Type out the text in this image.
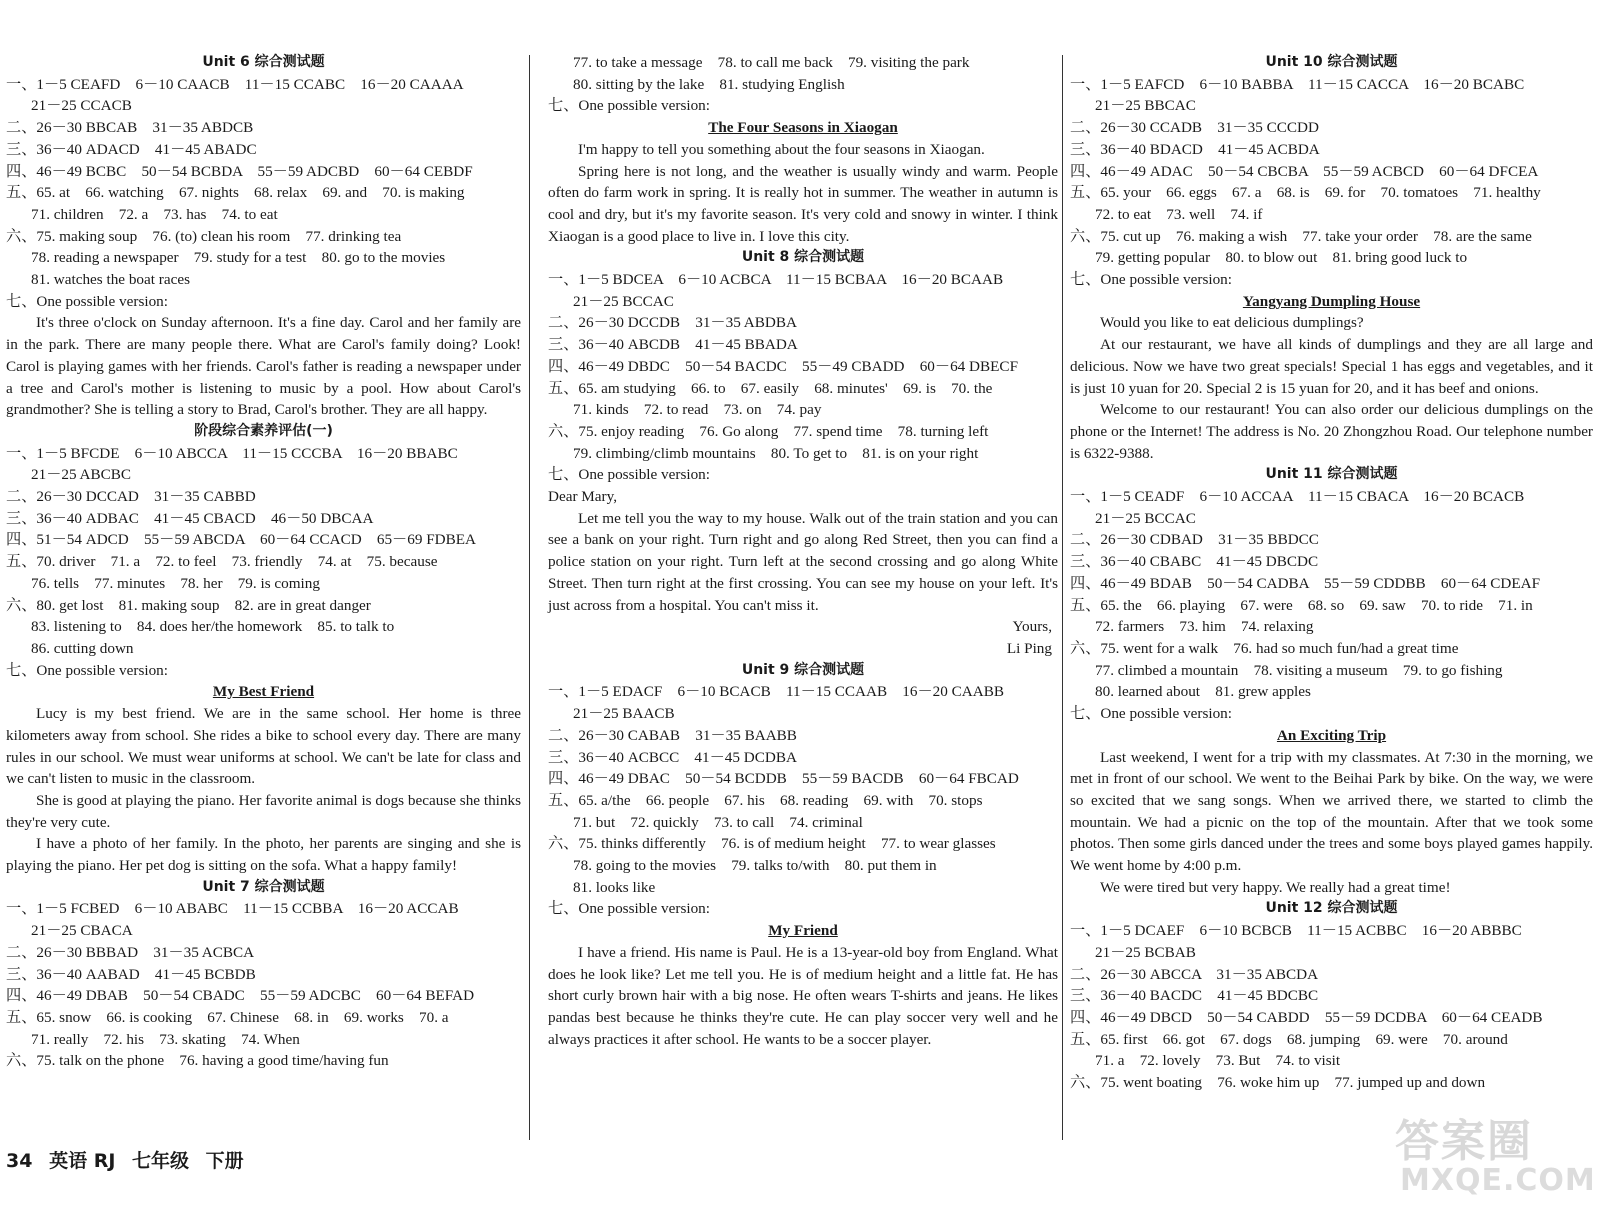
Unit 6 综合测试题
一、1－5 CEAFD　6－10 CAACB　11－15 CCABC　16－20 CAAAA
21－25 CCACB
二、26－30 BBCAB　31－35 ABDCB
三、36－40 ADACD　41－45 ABADC
四、46－49 BCBC　50－54 BCBDA　55－59 ADCBD　60－64 CEBDF
五、65. at　66. watching　67. nights　68. relax　69. and　70. is making
71. children　72. a　73. has　74. to eat
六、75. making soup　76. (to) clean his room　77. drinking tea
78. reading a newspaper　79. study for a test　80. go to the movies
81. watches the boat races
七、One possible version:
It's three o'clock on Sunday afternoon. It's a fine day. Carol and her family are in the park. There are many people there. What are Carol's family doing? Look! Carol is playing games with her friends. Carol's father is reading a newspaper under a tree and Carol's mother is listening to music by a pool. How about Carol's grandmother? She is telling a story to Brad, Carol's brother. They are all happy.
阶段综合素养评估(一)
一、1－5 BFCDE　6－10 ABCCA　11－15 CCCBA　16－20 BBABC
21－25 ABCBC
二、26－30 DCCAD　31－35 CABBD
三、36－40 ADBAC　41－45 CBACD　46－50 DBCAA
四、51－54 ADCD　55－59 ABCDA　60－64 CCACD　65－69 FDBEA
五、70. driver　71. a　72. to feel　73. friendly　74. at　75. because
76. tells　77. minutes　78. her　79. is coming
六、80. get lost　81. making soup　82. are in great danger
83. listening to　84. does her/the homework　85. to talk to
86. cutting down
七、One possible version:
My Best Friend
Lucy is my best friend. We are in the same school. Her home is three kilometers away from school. She rides a bike to school every day. There are many rules in our school. We must wear uniforms at school. We can't be late for class and we can't listen to music in the classroom.
She is good at playing the piano. Her favorite animal is dogs because she thinks they're very cute.
I have a photo of her family. In the photo, her parents are singing and she is playing the piano. Her pet dog is sitting on the sofa. What a happy family!
Unit 7 综合测试题
一、1－5 FCBED　6－10 ABABC　11－15 CCBBA　16－20 ACCAB
21－25 CBACA
二、26－30 BBBAD　31－35 ACBCA
三、36－40 AABAD　41－45 BCBDB
四、46－49 DBAB　50－54 CBADC　55－59 ADCBC　60－64 BEFAD
五、65. snow　66. is cooking　67. Chinese　68. in　69. works　70. a
71. really　72. his　73. skating　74. When
六、75. talk on the phone　76. having a good time/having fun
77. to take a message　78. to call me back　79. visiting the park
80. sitting by the lake　81. studying English
七、One possible version:
The Four Seasons in Xiaogan
I'm happy to tell you something about the four seasons in Xiaogan.
Spring here is not long, and the weather is usually windy and warm. People often do farm work in spring. It is really hot in summer. The weather in autumn is cool and dry, but it's my favorite season. It's very cold and snowy in winter. I think Xiaogan is a good place to live in. I love this city.
Unit 8 综合测试题
一、1－5 BDCEA　6－10 ACBCA　11－15 BCBAA　16－20 BCAAB
21－25 BCCAC
二、26－30 DCCDB　31－35 ABDBA
三、36－40 ABCDB　41－45 BBADA
四、46－49 DBDC　50－54 BACDC　55－49 CBADD　60－64 DBECF
五、65. am studying　66. to　67. easily　68. minutes'　69. is　70. the
71. kinds　72. to read　73. on　74. pay
六、75. enjoy reading　76. Go along　77. spend time　78. turning left
79. climbing/climb mountains　80. To get to　81. is on your right
七、One possible version:
Dear Mary,
Let me tell you the way to my house. Walk out of the train station and you can see a bank on your right. Turn right and go along Red Street, then you can find a police station on your right. Turn left at the second crossing and go along White Street. Then turn right at the first crossing. You can see my house on your left. It's just across from a hospital. You can't miss it.
Yours,
Li Ping
Unit 9 综合测试题
一、1－5 EDACF　6－10 BCACB　11－15 CCAAB　16－20 CAABB
21－25 BAACB
二、26－30 CABAB　31－35 BAABB
三、36－40 ACBCC　41－45 DCDBA
四、46－49 DBAC　50－54 BCDDB　55－59 BACDB　60－64 FBCAD
五、65. a/the　66. people　67. his　68. reading　69. with　70. stops
71. but　72. quickly　73. to call　74. criminal
六、75. thinks differently　76. is of medium height　77. to wear glasses
78. going to the movies　79. talks to/with　80. put them in
81. looks like
七、One possible version:
My Friend
I have a friend. His name is Paul. He is a 13-year-old boy from England. What does he look like? Let me tell you. He is of medium height and a little fat. He has short curly brown hair with a big nose. He often wears T-shirts and jeans. He likes pandas best because he thinks they're cute. He can play soccer very well and he always practices it after school. He wants to be a soccer player.
Unit 10 综合测试题
一、1－5 EAFCD　6－10 BABBA　11－15 CACCA　16－20 BCABC
21－25 BBCAC
二、26－30 CCADB　31－35 CCCDD
三、36－40 BDACD　41－45 ACBDA
四、46－49 ADAC　50－54 CBCBA　55－59 ACBCD　60－64 DFCEA
五、65. your　66. eggs　67. a　68. is　69. for　70. tomatoes　71. healthy
72. to eat　73. well　74. if
六、75. cut up　76. making a wish　77. take your order　78. are the same
79. getting popular　80. to blow out　81. bring good luck to
七、One possible version:
Yangyang Dumpling House
Would you like to eat delicious dumplings?
At our restaurant, we have all kinds of dumplings and they are all large and delicious. Now we have two great specials! Special 1 has eggs and vegetables, and it is just 10 yuan for 20. Special 2 is 15 yuan for 20, and it has beef and onions.
Welcome to our restaurant! You can also order our delicious dumplings on the phone or the Internet! The address is No. 20 Zhongzhou Road. Our telephone number is 6322-9388.
Unit 11 综合测试题
一、1－5 CEADF　6－10 ACCAA　11－15 CBACA　16－20 BCACB
21－25 BCCAC
二、26－30 CDBAD　31－35 BBDCC
三、36－40 CBABC　41－45 DBCDC
四、46－49 BDAB　50－54 CADBA　55－59 CDDBB　60－64 CDEAF
五、65. the　66. playing　67. were　68. so　69. saw　70. to ride　71. in
72. farmers　73. him　74. relaxing
六、75. went for a walk　76. had so much fun/had a great time
77. climbed a mountain　78. visiting a museum　79. to go fishing
80. learned about　81. grew apples
七、One possible version:
An Exciting Trip
Last weekend, I went for a trip with my classmates. At 7:30 in the morning, we met in front of our school. We went to the Beihai Park by bike. On the way, we were so excited that we sang songs. When we arrived there, we started to climb the mountain. We had a picnic on the top of the mountain. After that we took some photos. Then some girls danced under the trees and some boys played games happily. We went home by 4:00 p.m.
We were tired but very happy. We really had a great time!
Unit 12 综合测试题
一、1－5 DCAEF　6－10 BCBCB　11－15 ACBBC　16－20 ABBBC
21－25 BCBAB
二、26－30 ABCCA　31－35 ABCDA
三、36－40 BACDC　41－45 BDCBC
四、46－49 DBCD　50－54 CABDD　55－59 DCDBA　60－64 CEADB
五、65. first　66. got　67. dogs　68. jumping　69. were　70. around
71. a　72. lovely　73. But　74. to visit
六、75. went boating　76. woke him up　77. jumped up and down
34 英语 RJ 七年级 下册	答案圈
MXQE.COM
